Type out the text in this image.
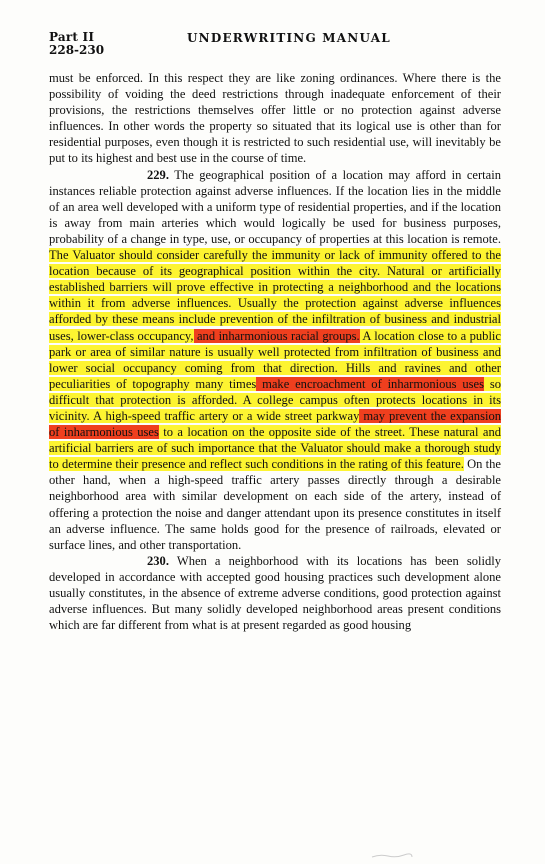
Part II
228-230
UNDERWRITING MANUAL

must be enforced. In this respect they are like zoning ordinances. Where there is the possibility of voiding the deed restrictions through inadequate enforcement of their provisions, the restrictions themselves offer little or no protection against adverse influences. In other words the property so situated that its logical use is other than for residential purposes, even though it is restricted to such residential use, will inevitably be put to its highest and best use in the course of time.

229. The geographical position of a location may afford in certain instances reliable protection against adverse influences. If the location lies in the middle of an area well developed with a uniform type of residential properties, and if the location is away from main arteries which would logically be used for business purposes, probability of a change in type, use, or occupancy of properties at this location is remote. The Valuator should consider carefully the immunity or lack of immunity offered to the location because of its geographical position within the city. Natural or artificially established barriers will prove effective in protecting a neighborhood and the locations within it from adverse influences. Usually the protection against adverse influences afforded by these means include prevention of the infiltration of business and industrial uses, lower-class occupancy, and inharmonious racial groups. A location close to a public park or area of similar nature is usually well protected from infiltration of business and lower social occupancy coming from that direction. Hills and ravines and other peculiarities of topography many times make encroachment of inharmonious uses so difficult that protection is afforded. A college campus often protects locations in its vicinity. A high-speed traffic artery or a wide street parkway may prevent the expansion of inharmonious uses to a location on the opposite side of the street. These natural and artificial barriers are of such importance that the Valuator should make a thorough study to determine their presence and reflect such conditions in the rating of this feature. On the other hand, when a high-speed traffic artery passes directly through a desirable neighborhood area with similar development on each side of the artery, instead of offering a protection the noise and danger attendant upon its presence constitutes in itself an adverse influence. The same holds good for the presence of railroads, elevated or surface lines, and other transportation.

230. When a neighborhood with its locations has been solidly developed in accordance with accepted good housing practices such development alone usually constitutes, in the absence of extreme adverse conditions, good protection against adverse influences. But many solidly developed neighborhood areas present conditions which are far different from what is at present regarded as good housing
